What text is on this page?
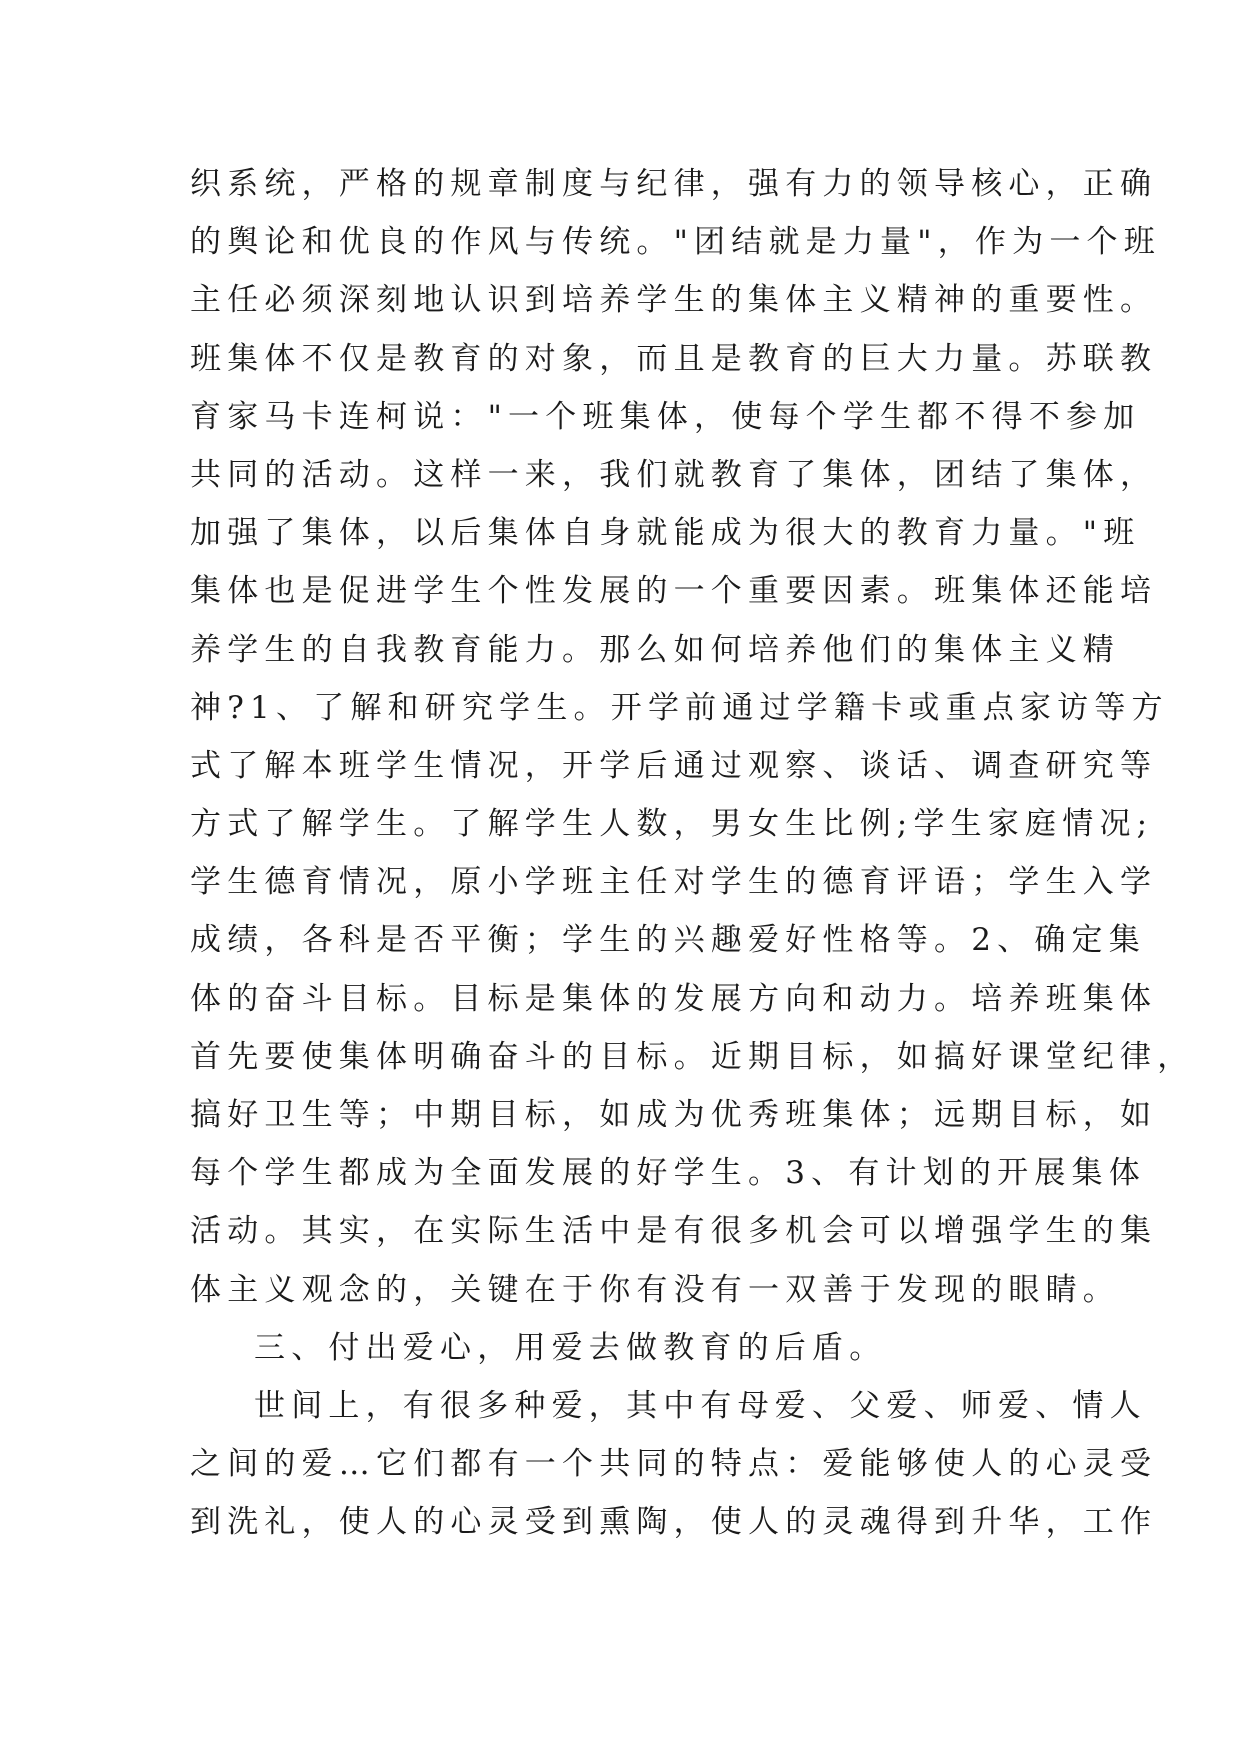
织系统，严格的规章制度与纪律，强有力的领导核心，正确
的舆论和优良的作风与传统。"团结就是力量"，作为一个班
主任必须深刻地认识到培养学生的集体主义精神的重要性。
班集体不仅是教育的对象，而且是教育的巨大力量。苏联教
育家马卡连柯说："一个班集体，使每个学生都不得不参加
共同的活动。这样一来，我们就教育了集体，团结了集体，
加强了集体，以后集体自身就能成为很大的教育力量。"班
集体也是促进学生个性发展的一个重要因素。班集体还能培
养学生的自我教育能力。那么如何培养他们的集体主义精
神?1、了解和研究学生。开学前通过学籍卡或重点家访等方
式了解本班学生情况，开学后通过观察、谈话、调查研究等
方式了解学生。了解学生人数，男女生比例;学生家庭情况;
学生德育情况，原小学班主任对学生的德育评语；学生入学
成绩，各科是否平衡；学生的兴趣爱好性格等。2、确定集
体的奋斗目标。目标是集体的发展方向和动力。培养班集体
首先要使集体明确奋斗的目标。近期目标，如搞好课堂纪律，
搞好卫生等；中期目标，如成为优秀班集体；远期目标，如
每个学生都成为全面发展的好学生。3、有计划的开展集体
活动。其实，在实际生活中是有很多机会可以增强学生的集
体主义观念的，关键在于你有没有一双善于发现的眼睛。
三、付出爱心，用爱去做教育的后盾。
世间上，有很多种爱，其中有母爱、父爱、师爱、情人
之间的爱…它们都有一个共同的特点：爱能够使人的心灵受
到洗礼，使人的心灵受到熏陶，使人的灵魂得到升华，工作
